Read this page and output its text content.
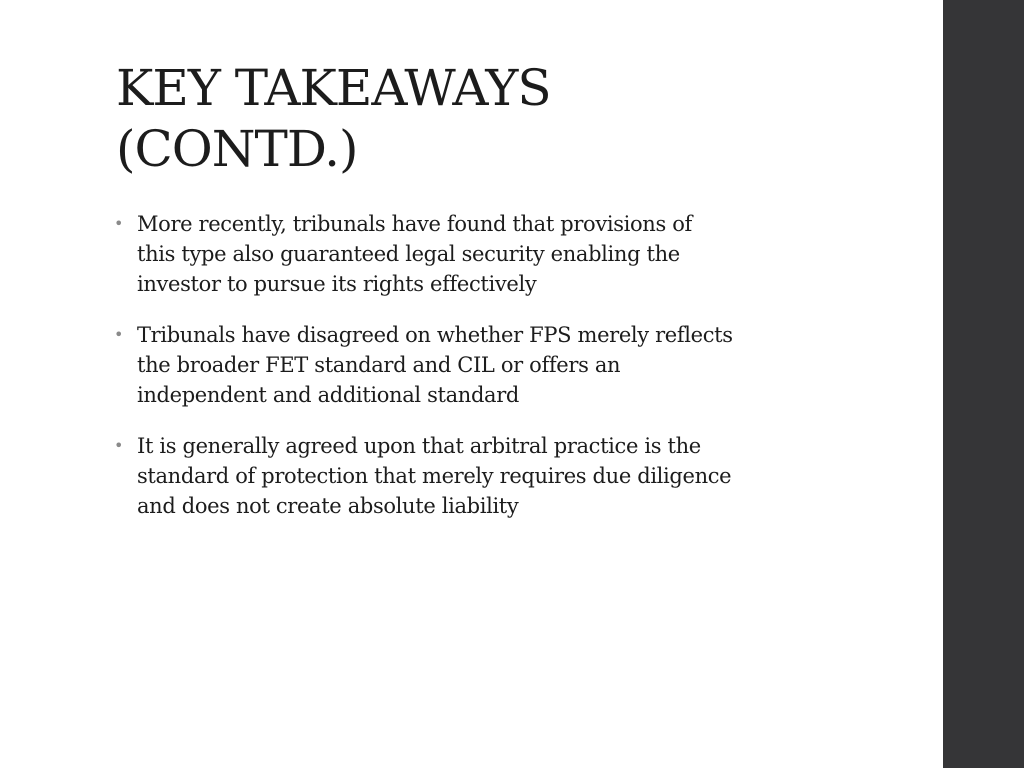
KEY TAKEAWAYS
(CONTD.)
• More recently, tribunals have found that provisions of
this type also guaranteed legal security enabling the
investor to pursue its rights effectively
• Tribunals have disagreed on whether FPS merely reflects
the broader FET standard and CIL or offers an
independent and additional standard
• It is generally agreed upon that arbitral practice is the
standard of protection that merely requires due diligence
and does not create absolute liability
